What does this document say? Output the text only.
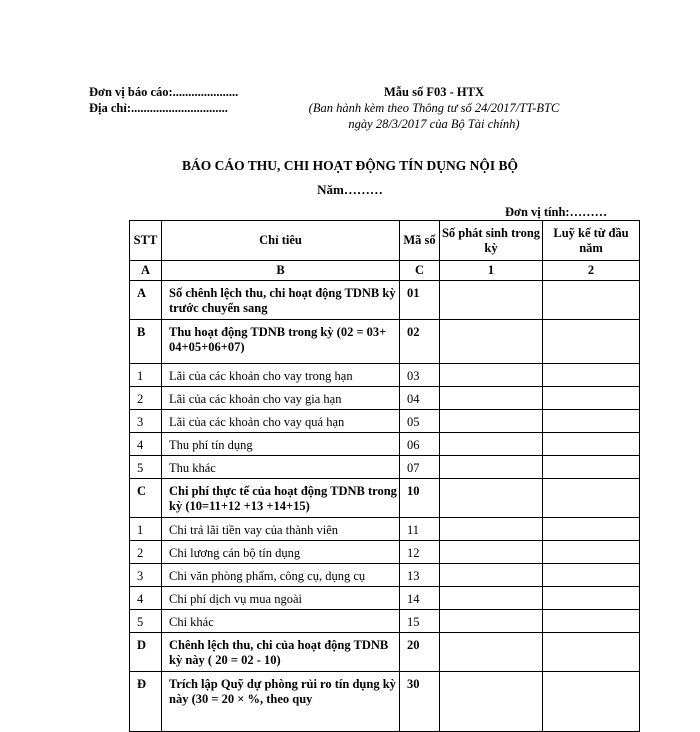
Đơn vị báo cáo:.....................
Địa chỉ:...............................
Mẫu số F03 - HTX
(Ban hành kèm theo Thông tư số 24/2017/TT-BTC
ngày 28/3/2017 của Bộ Tài chính)
BÁO CÁO THU, CHI HOẠT ĐỘNG TÍN DỤNG NỘI BỘ
Năm………
Đơn vị tính:………
STT	Chỉ tiêu	Mã số	Số phát sinh trong kỳ	Luỹ kế từ đầu năm
A	B	C	1	2

A	Số chênh lệch thu, chi hoạt động TDNB kỳ trước chuyển sang	01		

B	Thu hoạt động TDNB trong kỳ (02 = 03+ 04+05+06+07)	02		

1	Lãi của các khoản cho vay trong hạn	03		

2	Lãi của các khoản cho vay gia hạn	04		

3	Lãi của các khoản cho vay quá hạn	05		

4	Thu phí tín dụng	06		

5	Thu khác	07		

C	Chi phí thực tế của hoạt động TDNB trong kỳ (10=11+12 +13 +14+15)	10		

1	Chi trả lãi tiền vay của thành viên	11		

2	Chi lương cán bộ tín dụng	12		

3	Chi văn phòng phẩm, công cụ, dụng cụ	13		

4	Chi phí dịch vụ mua ngoài	14		

5	Chi khác	15		

D	Chênh lệch thu, chi của hoạt động TDNB kỳ này ( 20 = 02 - 10)	20		

Đ	Trích lập Quỹ dự phòng rủi ro tín dụng kỳ này (30 = 20 × %, theo quy	30		
